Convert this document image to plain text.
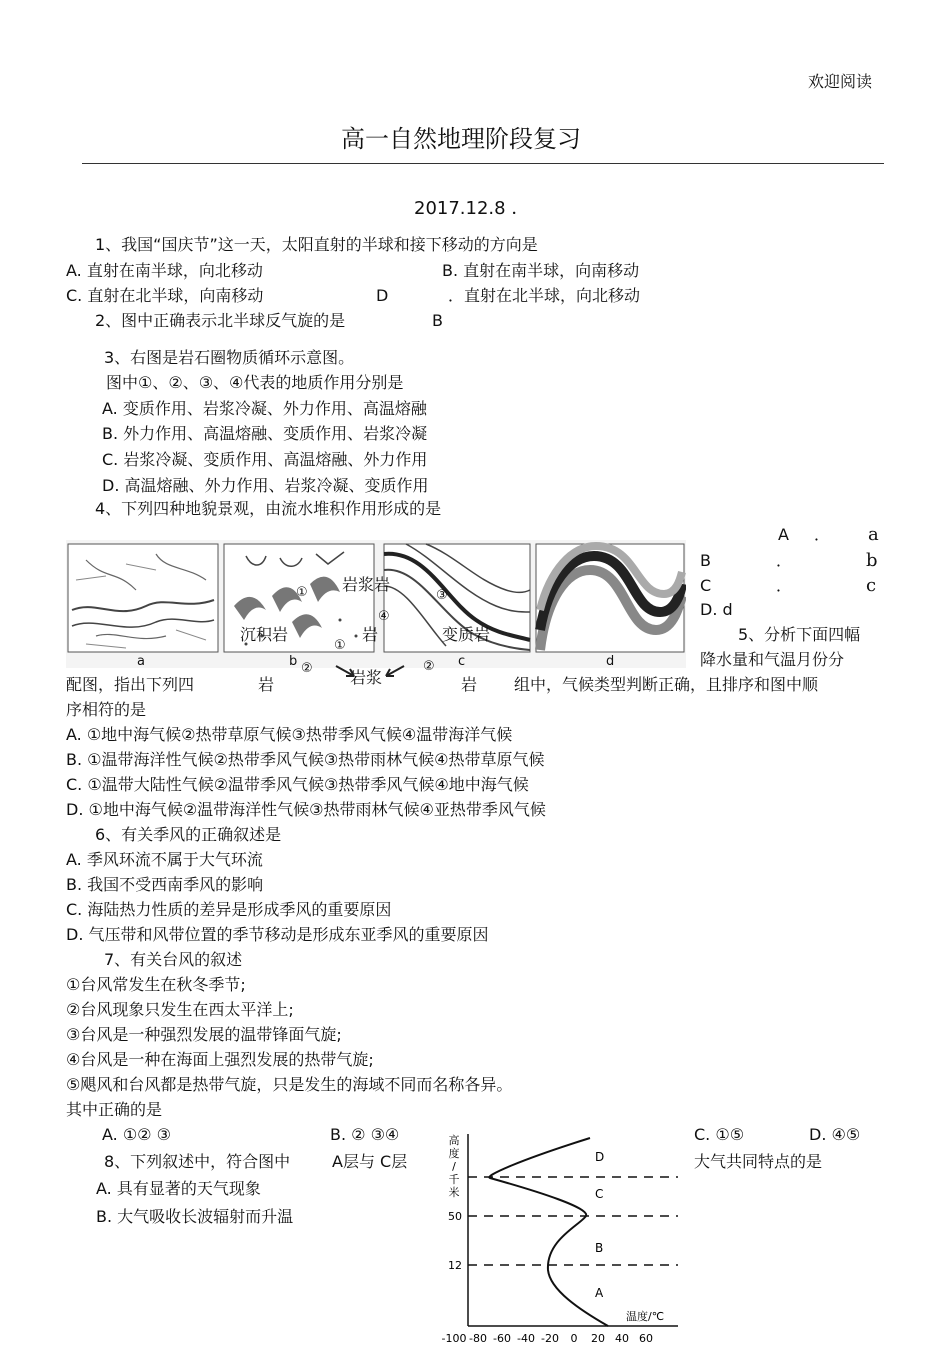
欢迎阅读
高一自然地理阶段复习
2017.12.8 ．
1、我国“国庆节”这一天，太阳直射的半球和接下移动的方向是
A. 直射在南半球，向北移动	B. 直射在南半球，向南移动
C. 直射在北半球，向南移动	D	．直射在北半球，向北移动
2、图中正确表示北半球反气旋的是	B
3、右图是岩石圈物质循环示意图。
图中①、②、③、④代表的地质作用分别是
A. 变质作用、岩浆冷凝、外力作用、高温熔融
B. 外力作用、高温熔融、变质作用、岩浆冷凝
C. 岩浆冷凝、变质作用、高温熔融、外力作用
D. 高温熔融、外力作用、岩浆冷凝、变质作用
4、下列四种地貌景观，由流水堆积作用形成的是
A ． a
B	．	b
C	．	c
D. d
a	b	c	d
岩浆岩
①
④
③
沉积岩	岩	变质岩
①
②	②
岩浆
5、分析下面四幅
降水量和气温月份分
配图，指出下列四	岩	岩 组中，气候类型判断正确，且排序和图中顺
序相符的是
A. ①地中海气候②热带草原气候③热带季风气候④温带海洋气候
B. ①温带海洋性气候②热带季风气候③热带雨林气候④热带草原气候
C. ①温带大陆性气候②温带季风气候③热带季风气候④地中海气候
D. ①地中海气候②温带海洋性气候③热带雨林气候④亚热带季风气候
6、有关季风的正确叙述是
A. 季风环流不属于大气环流
B. 我国不受西南季风的影响
C. 海陆热力性质的差异是形成季风的重要原因
D. 气压带和风带位置的季节移动是形成东亚季风的重要原因
7、有关台风的叙述
①台风常发生在秋冬季节;
②台风现象只发生在西太平洋上;
③台风是一种强烈发展的温带锋面气旋;
④台风是一种在海面上强烈发展的热带气旋;
⑤飓风和台风都是热带气旋，只是发生的海域不同而名称各异。
其中正确的是
A. ①② ③	B. ② ③④	C. ①⑤	D. ④⑤
8、下列叙述中，符合图中	A层与 C层	大气共同特点的是
A. 具有显著的天气现象
B. 大气吸收长波辐射而升温
高
度
/
千
米
50
12
D
C
B
A
温度/℃
-100 -80 -60 -40 -20 0 20 40 60
